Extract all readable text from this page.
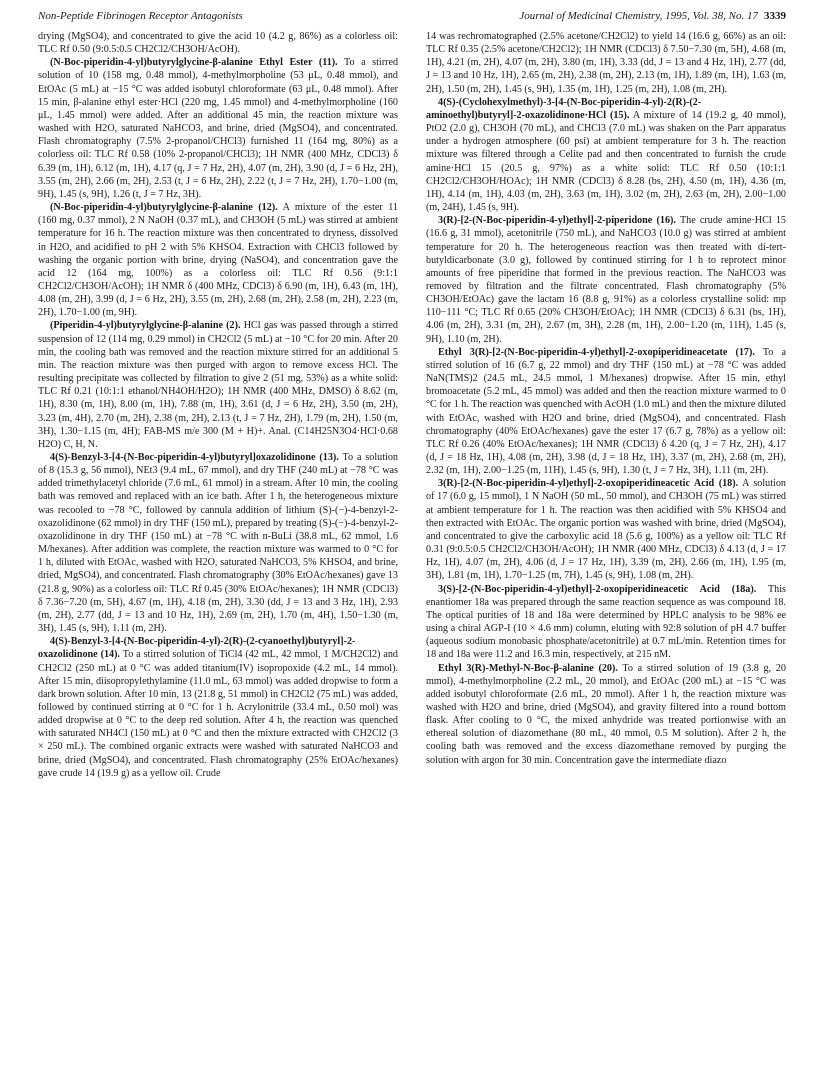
Non-Peptide Fibrinogen Receptor Antagonists	Journal of Medicinal Chemistry, 1995, Vol. 38, No. 17 3339

drying (MgSO4), and concentrated to give the acid 10 (4.2 g, 86%) as a colorless oil: TLC Rf 0.50 (9:0.5:0.5 CH2Cl2/CH3OH/AcOH).

(N-Boc-piperidin-4-yl)butyrylglycine-β-alanine Ethyl Ester (11). To a stirred solution of 10 (158 mg, 0.48 mmol), 4-methylmorpholine (53 μL, 0.48 mmol), and EtOAc (5 mL) at −15 °C was added isobutyl chloroformate (63 μL, 0.48 mmol). After 15 min, β-alanine ethyl ester·HCl (220 mg, 1.45 mmol) and 4-methylmorpholine (160 μL, 1.45 mmol) were added. After an additional 45 min, the reaction mixture was washed with H2O, saturated NaHCO3, and brine, dried (MgSO4), and concentrated. Flash chromatography (7.5% 2-propanol/CHCl3) furnished 11 (164 mg, 80%) as a colorless oil: TLC Rf 0.58 (10% 2-propanol/CHCl3); 1H NMR (400 MHz, CDCl3) δ 6.39 (m, 1H), 6.12 (m, 1H), 4.17 (q, J = 7 Hz, 2H), 4.07 (m, 2H), 3.90 (d, J = 6 Hz, 2H), 3.55 (m, 2H), 2.66 (m, 2H), 2.53 (t, J = 6 Hz, 2H), 2.22 (t, J = 7 Hz, 2H), 1.70−1.00 (m, 9H), 1.45 (s, 9H), 1.26 (t, J = 7 Hz, 3H).

(N-Boc-piperidin-4-yl)butyrylglycine-β-alanine (12). A mixture of the ester 11 (160 mg, 0.37 mmol), 2 N NaOH (0.37 mL), and CH3OH (5 mL) was stirred at ambient temperature for 16 h. The reaction mixture was then concentrated to dryness, dissolved in H2O, and acidified to pH 2 with 5% KHSO4. Extraction with CHCl3 followed by washing the organic portion with brine, drying (NaSO4), and concentration gave the acid 12 (164 mg, 100%) as a colorless oil: TLC Rf 0.56 (9:1:1 CH2Cl2/CH3OH/AcOH); 1H NMR δ (400 MHz, CDCl3) δ 6.90 (m, 1H), 6.43 (m, 1H), 4.08 (m, 2H), 3.99 (d, J = 6 Hz, 2H), 3.55 (m, 2H), 2.68 (m, 2H), 2.58 (m, 2H), 2.23 (m, 2H), 1.70−1.00 (m, 9H).

(Piperidin-4-yl)butyrylglycine-β-alanine (2). HCl gas was passed through a stirred suspension of 12 (114 mg, 0.29 mmol) in CH2Cl2 (5 mL) at −10 °C for 20 min. After 20 min, the cooling bath was removed and the reaction mixture stirred for an additional 5 min. The reaction mixture was then purged with argon to remove excess HCl. The resulting precipitate was collected by filtration to give 2 (51 mg, 53%) as a white solid: TLC Rf 0.21 (10:1:1 ethanol/NH4OH/H2O); 1H NMR (400 MHz, DMSO) δ 8.62 (m, 1H), 8.30 (m, 1H), 8.00 (m, 1H), 7.88 (m, 1H), 3.61 (d, J = 6 Hz, 2H), 3.50 (m, 2H), 3.23 (m, 4H), 2.70 (m, 2H), 2.38 (m, 2H), 2.13 (t, J = 7 Hz, 2H), 1.79 (m, 2H), 1.50 (m, 3H), 1.30−1.15 (m, 4H); FAB-MS m/e 300 (M + H)+. Anal. (C14H25N3O4·HCl·0.68 H2O) C, H, N.

4(S)-Benzyl-3-[4-(N-Boc-piperidin-4-yl)butyryl]oxazolidinone (13). To a solution of 8 (15.3 g, 56 mmol), NEt3 (9.4 mL, 67 mmol), and dry THF (240 mL) at −78 °C was added trimethylacetyl chloride (7.6 mL, 61 mmol) in a stream. After 10 min, the cooling bath was removed and replaced with an ice bath. After 1 h, the heterogeneous mixture was recooled to −78 °C, followed by cannula addition of lithium (S)-(−)-4-benzyl-2-oxazolidinone (62 mmol) in dry THF (150 mL), prepared by treating (S)-(−)-4-benzyl-2-oxazolidinone in dry THF (150 mL) at −78 °C with n-BuLi (38.8 mL, 62 mmol, 1.6 M/hexanes). After addition was complete, the reaction mixture was warmed to 0 °C for 1 h, diluted with EtOAc, washed with H2O, saturated NaHCO3, 5% KHSO4, and brine, dried, MgSO4), and concentrated. Flash chromatography (30% EtOAc/hexanes) gave 13 (21.8 g, 90%) as a colorless oil: TLC Rf 0.45 (30% EtOAc/hexanes); 1H NMR (CDCl3) δ 7.36−7.20 (m, 5H), 4.67 (m, 1H), 4.18 (m, 2H), 3.30 (dd, J = 13 and 3 Hz, 1H), 2.93 (m, 2H), 2.77 (dd, J = 13 and 10 Hz, 1H), 2.69 (m, 2H), 1.70 (m, 4H), 1.50−1.30 (m, 3H), 1.45 (s, 9H), 1.11 (m, 2H).

4(S)-Benzyl-3-[4-(N-Boc-piperidin-4-yl)-2(R)-(2-cyanoethyl)butyryl]-2-oxazolidinone (14). To a stirred solution of TiCl4 (42 mL, 42 mmol, 1 M/CH2Cl2) and CH2Cl2 (250 mL) at 0 °C was added titanium(IV) isopropoxide (4.2 mL, 14 mmol). After 15 min, diisopropylethylamine (11.0 mL, 63 mmol) was added dropwise to form a dark brown solution. After 10 min, 13 (21.8 g, 51 mmol) in CH2Cl2 (75 mL) was added, followed by continued stirring at 0 °C for 1 h. Acrylonitrile (33.4 mL, 0.50 mol) was added dropwise at 0 °C to the deep red solution. After 4 h, the reaction was quenched with saturated NH4Cl (150 mL) at 0 °C and then the mixture extracted with CH2Cl2 (3 × 250 mL). The combined organic extracts were washed with saturated NaHCO3 and brine, dried (MgSO4), and concentrated. Flash chromatography (25% EtOAc/hexanes) gave crude 14 (19.9 g) as a yellow oil. Crude

14 was rechromatographed (2.5% acetone/CH2Cl2) to yield 14 (16.6 g, 66%) as an oil: TLC Rf 0.35 (2.5% acetone/CH2Cl2); 1H NMR (CDCl3) δ 7.50−7.30 (m, 5H), 4.68 (m, 1H), 4.21 (m, 2H), 4.07 (m, 2H), 3.80 (m, 1H), 3.33 (dd, J = 13 and 4 Hz, 1H), 2.77 (dd, J = 13 and 10 Hz, 1H), 2.65 (m, 2H), 2.38 (m, 2H), 2.13 (m, 1H), 1.89 (m, 1H), 1.63 (m, 2H), 1.50 (m, 2H), 1.45 (s, 9H), 1.35 (m, 1H), 1.25 (m, 2H), 1.08 (m, 2H).

4(S)-(Cyclohexylmethyl)-3-[4-(N-Boc-piperidin-4-yl)-2(R)-(2-aminoethyl)butyryl]-2-oxazolidinone·HCl (15). A mixture of 14 (19.2 g, 40 mmol), PtO2 (2.0 g), CH3OH (70 mL), and CHCl3 (7.0 mL) was shaken on the Parr apparatus under a hydrogen atmosphere (60 psi) at ambient temperature for 3 h. The reaction mixture was filtered through a Celite pad and then concentrated to furnish the crude amine·HCl 15 (20.5 g, 97%) as a white solid: TLC Rf 0.50 (10:1:1 CH2Cl2/CH3OH/HOAc); 1H NMR (CDCl3) δ 8.28 (bs, 2H), 4.50 (m, 1H), 4.36 (m, 1H), 4.14 (m, 1H), 4.03 (m, 2H), 3.63 (m, 1H), 3.02 (m, 2H), 2.63 (m, 2H), 2.00−1.00 (m, 24H), 1.45 (s, 9H).

3(R)-[2-(N-Boc-piperidin-4-yl)ethyl]-2-piperidone (16). The crude amine·HCl 15 (16.6 g, 31 mmol), acetonitrile (750 mL), and NaHCO3 (10.0 g) was stirred at ambient temperature for 20 h. The heterogeneous reaction was then treated with di-tert-butyldicarbonate (3.0 g), followed by continued stirring for 1 h to reprotect minor amounts of free piperidine that formed in the previous reaction. The NaHCO3 was removed by filtration and the filtrate concentrated. Flash chromatography (5% CH3OH/EtOAc) gave the lactam 16 (8.8 g, 91%) as a colorless crystalline solid: mp 110−111 °C; TLC Rf 0.65 (20% CH3OH/EtOAc); 1H NMR (CDCl3) δ 6.31 (bs, 1H), 4.06 (m, 2H), 3.31 (m, 2H), 2.67 (m, 3H), 2.28 (m, 1H), 2.00−1.20 (m, 11H), 1.45 (s, 9H), 1.10 (m, 2H).

Ethyl 3(R)-[2-(N-Boc-piperidin-4-yl)ethyl]-2-oxopiperidineacetate (17). To a stirred solution of 16 (6.7 g, 22 mmol) and dry THF (150 mL) at −78 °C was added NaN(TMS)2 (24.5 mL, 24.5 mmol, 1 M/hexanes) dropwise. After 15 min, ethyl bromoacetate (5.2 mL, 45 mmol) was added and then the reaction mixture warmed to 0 °C for 1 h. The reaction was quenched with AcOH (1.0 mL) and then the mixture diluted with EtOAc, washed with H2O and brine, dried (MgSO4), and concentrated. Flash chromatography (40% EtOAc/hexanes) gave the ester 17 (6.7 g, 78%) as a yellow oil: TLC Rf 0.26 (40% EtOAc/hexanes); 1H NMR (CDCl3) δ 4.20 (q, J = 7 Hz, 2H), 4.17 (d, J = 18 Hz, 1H), 4.08 (m, 2H), 3.98 (d, J = 18 Hz, 1H), 3.37 (m, 2H), 2.68 (m, 2H), 2.32 (m, 1H), 2.00−1.25 (m, 11H), 1.45 (s, 9H), 1.30 (t, J = 7 Hz, 3H), 1.11 (m, 2H).

3(R)-[2-(N-Boc-piperidin-4-yl)ethyl]-2-oxopiperidineacetic Acid (18). A solution of 17 (6.0 g, 15 mmol), 1 N NaOH (50 mL, 50 mmol), and CH3OH (75 mL) was stirred at ambient temperature for 1 h. The reaction was then acidified with 5% KHSO4 and then extracted with EtOAc. The organic portion was washed with brine, dried (MgSO4), and concentrated to give the carboxylic acid 18 (5.6 g, 100%) as a yellow oil: TLC Rf 0.31 (9:0.5:0.5 CH2Cl2/CH3OH/AcOH); 1H NMR (400 MHz, CDCl3) δ 4.13 (d, J = 17 Hz, 1H), 4.07 (m, 2H), 4.06 (d, J = 17 Hz, 1H), 3.39 (m, 2H), 2.66 (m, 1H), 1.95 (m, 3H), 1.81 (m, 1H), 1.70−1.25 (m, 7H), 1.45 (s, 9H), 1.08 (m, 2H).

3(S)-[2-(N-Boc-piperidin-4-yl)ethyl]-2-oxopiperidineacetic Acid (18a). This enantiomer 18a was prepared through the same reaction sequence as was compound 18. The optical purities of 18 and 18a were determined by HPLC analysis to be 98% ee using a chiral AGP-I (10 × 4.6 mm) column, eluting with 92:8 solution of pH 4.7 buffer (aqueous sodium monobasic phosphate/acetonitrile) at 0.7 mL/min. Retention times for 18 and 18a were 11.2 and 16.3 min, respectively, at 215 nM.

Ethyl 3(R)-Methyl-N-Boc-β-alanine (20). To a stirred solution of 19 (3.8 g, 20 mmol), 4-methylmorpholine (2.2 mL, 20 mmol), and EtOAc (200 mL) at −15 °C was added isobutyl chloroformate (2.6 mL, 20 mmol). After 1 h, the reaction mixture was washed with H2O and brine, dried (MgSO4), and gravity filtered into a round bottom flask. After cooling to 0 °C, the mixed anhydride was treated portionwise with an ethereal solution of diazomethane (80 mL, 40 mmol, 0.5 M solution). After 2 h, the cooling bath was removed and the excess diazomethane removed by purging the solution with argon for 30 min. Concentration gave the intermediate diazo
